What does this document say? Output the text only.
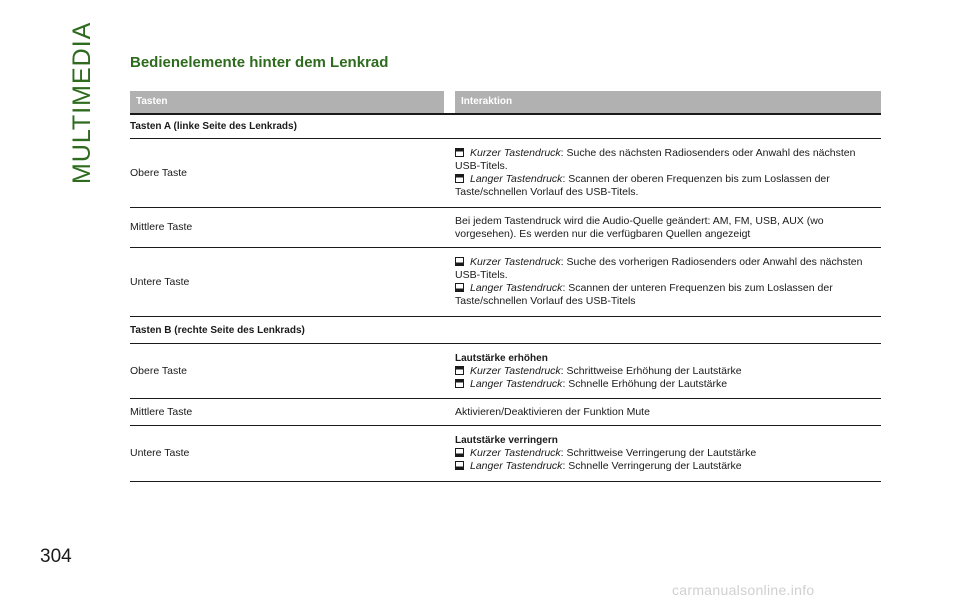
MULTIMEDIA
304
Bedienelemente hinter dem Lenkrad
Tasten	Interaktion
Tasten A (linke Seite des Lenkrads)
Obere Taste
Kurzer Tastendruck: Suche des nächsten Radiosenders oder Anwahl des nächsten USB-Titels.
Langer Tastendruck: Scannen der oberen Frequenzen bis zum Loslassen der Taste/schnellen Vorlauf des USB-Titels.
Mittlere Taste
Bei jedem Tastendruck wird die Audio-Quelle geändert: AM, FM, USB, AUX (wo vorgesehen). Es werden nur die verfügbaren Quellen angezeigt
Untere Taste
Kurzer Tastendruck: Suche des vorherigen Radiosenders oder Anwahl des nächsten USB-Titels.
Langer Tastendruck: Scannen der unteren Frequenzen bis zum Loslassen der Taste/schnellen Vorlauf des USB-Titels
Tasten B (rechte Seite des Lenkrads)
Obere Taste
Lautstärke erhöhen
Kurzer Tastendruck: Schrittweise Erhöhung der Lautstärke
Langer Tastendruck: Schnelle Erhöhung der Lautstärke
Mittlere Taste	Aktivieren/Deaktivieren der Funktion Mute
Untere Taste
Lautstärke verringern
Kurzer Tastendruck: Schrittweise Verringerung der Lautstärke
Langer Tastendruck: Schnelle Verringerung der Lautstärke
carmanualsonline.info
